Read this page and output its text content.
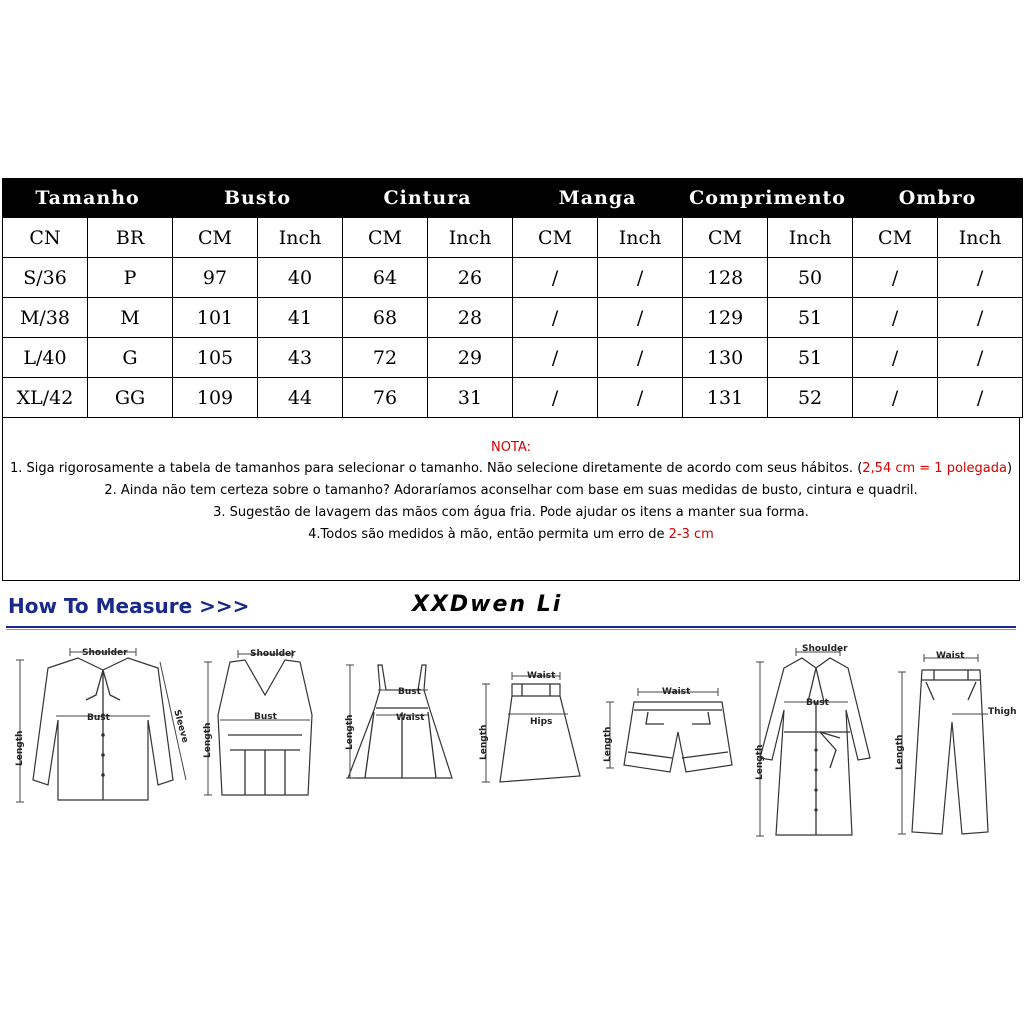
Tamanho		Busto		Cintura		Manga		Comprimento		Ombro	
CN	BR	CM	Inch	CM	Inch	CM	Inch	CM	Inch	CM	Inch
S/36	P	97	40	64	26	/	/	128	50	/	/
M/38	M	101	41	68	28	/	/	129	51	/	/
L/40	G	105	43	72	29	/	/	130	51	/	/
XL/42	GG	109	44	76	31	/	/	131	52	/	/
NOTA:
1. Siga rigorosamente a tabela de tamanhos para selecionar o tamanho. Não selecione diretamente de acordo com seus hábitos. (2,54 cm = 1 polegada)
2. Ainda não tem certeza sobre o tamanho? Adoraríamos aconselhar com base em suas medidas de busto, cintura e quadril.
3. Sugestão de lavagem das mãos com água fria. Pode ajudar os itens a manter sua forma.
4.Todos são medidos à mão, então permita um erro de 2-3 cm
How To Measure >>>	XXDwen Li
Shoulder
Bust
Length
Sleeve
Shoulder
Bust
Length
Bust
Waist
Length
Waist
Hips
Length
Waist
Length
Shoulder
Bust
Length
Waist
Thigh
Length
